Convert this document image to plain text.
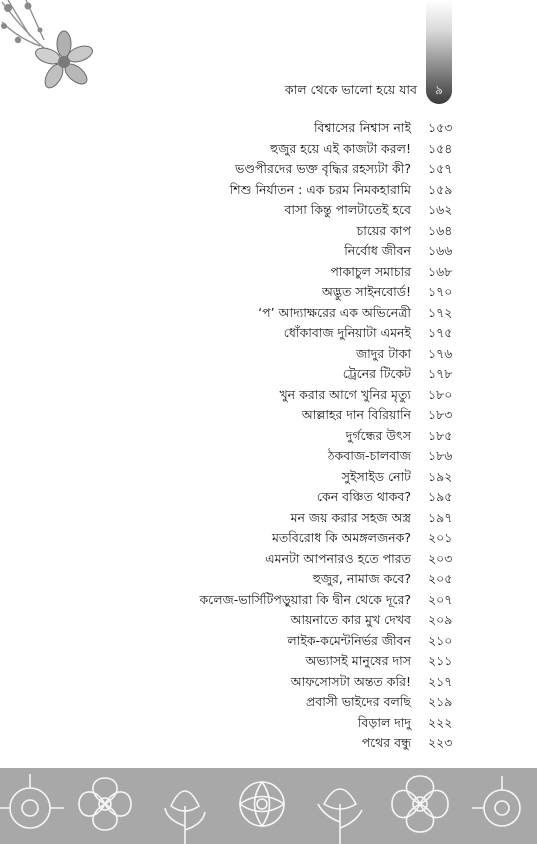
৯
কাল থেকে ভালো হয়ে যাব
বিশ্বাসের নিশ্বাস নাই ১৫৩
হুজুর হয়ে এই কাজটা করল! ১৫৪
ভণ্ডপীরদের ভক্ত বৃদ্ধির রহস্যটা কী? ১৫৭
শিশু নির্যাতন : এক চরম নিমকহারামি ১৫৯
বাসা কিন্তু পালটাতেই হবে ১৬২
চায়ের কাপ ১৬৪
নির্বোধ জীবন ১৬৬
পাকাচুল সমাচার ১৬৮
অদ্ভুত সাইনবোর্ড! ১৭০
‘প’ আদ্যাক্ষরের এক অভিনেত্রী ১৭২
ধোঁকাবাজ দুনিয়াটা এমনই ১৭৫
জাদুর টাকা ১৭৬
ট্রেনের টিকেট ১৭৮
খুন করার আগে খুনির মৃত্যু ১৮০
আল্লাহর দান বিরিয়ানি ১৮৩
দুর্গন্ধের উৎস ১৮৫
ঠকবাজ-চালবাজ ১৮৬
সুইসাইড নোট ১৯২
কেন বঞ্চিত থাকব? ১৯৫
মন জয় করার সহজ অস্ত্র ১৯৭
মতবিরোধ কি অমঙ্গলজনক? ২০১
এমনটা আপনারও হতে পারত ২০৩
হুজুর, নামাজ কবে? ২০৫
কলেজ-ভার্সিটিপড়ুয়ারা কি দ্বীন থেকে দূরে? ২০৭
আয়নাতে কার মুখ দেখব ২০৯
লাইক-কমেন্টনির্ভর জীবন ২১০
অভ্যাসই মানুষের দাস ২১১
আফসোসটা অন্তত করি! ২১৭
প্রবাসী ভাইদের বলছি ২১৯
বিড়াল দাদু ২২২
পথের বন্ধু ২২৩
